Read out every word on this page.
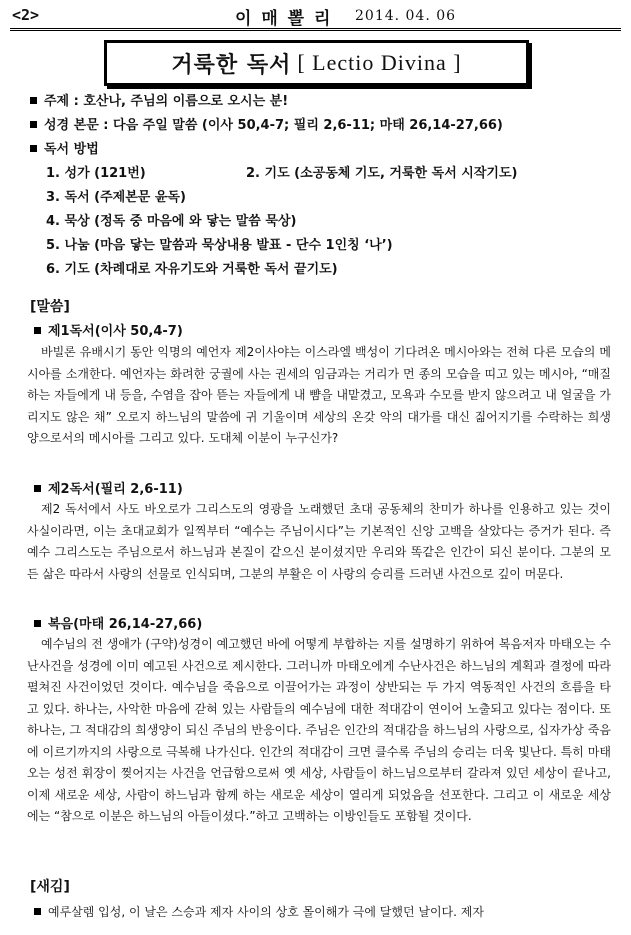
<2>	이 매 뽈 리 2014. 04. 06
거룩한 독서 [ Lectio Divina ]
주제 : 호산나, 주님의 이름으로 오시는 분!
성경 본문 : 다음 주일 말씀 (이사 50,4-7; 필리 2,6-11; 마태 26,14-27,66)
독서 방법
1. 성가 (121번)	2. 기도 (소공동체 기도, 거룩한 독서 시작기도)
3. 독서 (주제본문 윤독)
4. 묵상 (정독 중 마음에 와 닿는 말씀 묵상)
5. 나눔 (마음 닿는 말씀과 묵상내용 발표 - 단수 1인칭 ‘나’)
6. 기도 (차례대로 자유기도와 거룩한 독서 끝기도)
[말씀]
제1독서(이사 50,4-7)

바빌론 유배시기 동안 익명의 예언자 제2이사야는 이스라엘 백성이 기다려온 메시아와는 전혀 다른 모습의 메시아를 소개한다. 예언자는 화려한 궁궐에 사는 권세의 임금과는 거리가 먼 종의 모습을 띠고 있는 메시아, “매질하는 자들에게 내 등을, 수염을 잡아 뜯는 자들에게 내 뺨을 내맡겼고, 모욕과 수모를 받지 않으려고 내 얼굴을 가리지도 않은 채” 오로지 하느님의 말씀에 귀 기울이며 세상의 온갖 악의 대가를 대신 짊어지기를 수락하는 희생양으로서의 메시아를 그리고 있다. 도대체 이분이 누구신가?

제2독서(필리 2,6-11)

제2 독서에서 사도 바오로가 그리스도의 영광을 노래했던 초대 공동체의 찬미가 하나를 인용하고 있는 것이 사실이라면, 이는 초대교회가 일찍부터 “예수는 주님이시다”는 기본적인 신앙 고백을 살았다는 증거가 된다. 즉 예수 그리스도는 주님으로서 하느님과 본질이 같으신 분이셨지만 우리와 똑같은 인간이 되신 분이다. 그분의 모든 삶은 따라서 사랑의 선물로 인식되며, 그분의 부활은 이 사랑의 승리를 드러낸 사건으로 깊이 머문다.

복음(마태 26,14-27,66)

예수님의 전 생애가 (구약)성경이 예고했던 바에 어떻게 부합하는 지를 설명하기 위하여 복음저자 마태오는 수난사건을 성경에 이미 예고된 사건으로 제시한다. 그러니까 마태오에게 수난사건은 하느님의 계획과 결정에 따라 펼쳐진 사건이었던 것이다. 예수님을 죽음으로 이끌어가는 과정이 상반되는 두 가지 역동적인 사건의 흐름을 타고 있다. 하나는, 사악한 마음에 갇혀 있는 사람들의 예수님에 대한 적대감이 연이어 노출되고 있다는 점이다. 또 하나는, 그 적대감의 희생양이 되신 주님의 반응이다. 주님은 인간의 적대감을 하느님의 사랑으로, 십자가상 죽음에 이르기까지의 사랑으로 극복해 나가신다. 인간의 적대감이 크면 클수록 주님의 승리는 더욱 빛난다. 특히 마태오는 성전 휘장이 찢어지는 사건을 언급함으로써 옛 세상, 사람들이 하느님으로부터 갈라져 있던 세상이 끝나고, 이제 새로운 세상, 사람이 하느님과 함께 하는 새로운 세상이 열리게 되었음을 선포한다. 그리고 이 새로운 세상에는 “참으로 이분은 하느님의 아들이셨다.”하고 고백하는 이방인들도 포함될 것이다.

[새김]
예루살렘 입성, 이 날은 스승과 제자 사이의 상호 몰이해가 극에 달했던 날이다. 제자
